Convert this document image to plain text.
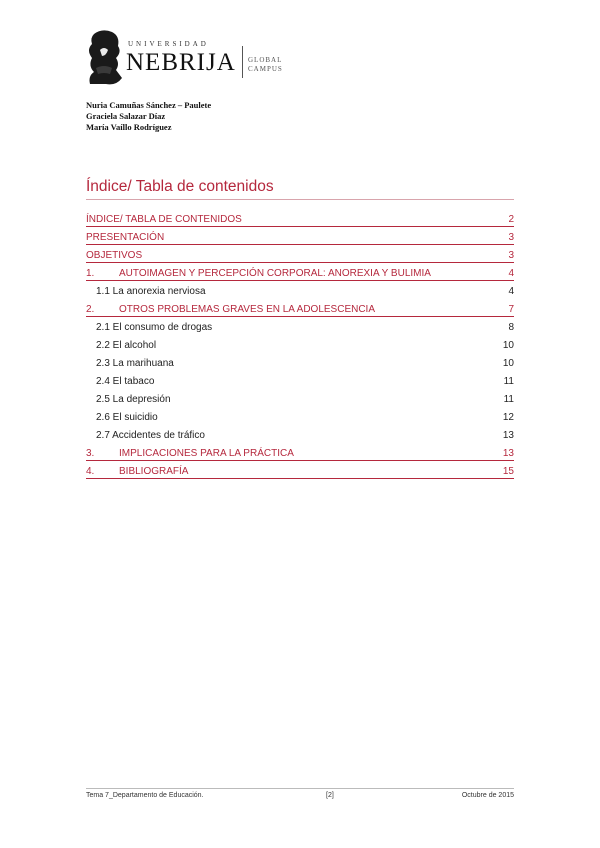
UNIVERSIDAD
NEBRIJA GLOBAL
CAMPUS
Nuria Camuñas Sánchez – Paulete
Graciela Salazar Díaz
María Vaíllo Rodríguez
Índice/ Tabla de contenidos
ÍNDICE/ TABLA DE CONTENIDOS	2
PRESENTACIÓN	3
OBJETIVOS	3
1. AUTOIMAGEN Y PERCEPCIÓN CORPORAL: ANOREXIA Y BULIMIA	4
1.1 La anorexia nerviosa	4
2. OTROS PROBLEMAS GRAVES EN LA ADOLESCENCIA	7
2.1 El consumo de drogas	8
2.2 El alcohol	10
2.3 La marihuana	10
2.4 El tabaco	11
2.5 La depresión	11
2.6 El suicidio	12
2.7 Accidentes de tráfico	13
3. IMPLICACIONES PARA LA PRÁCTICA	13
4. BIBLIOGRAFÍA	15
Tema 7_Departamento de Educación.	[2]	Octubre de 2015
